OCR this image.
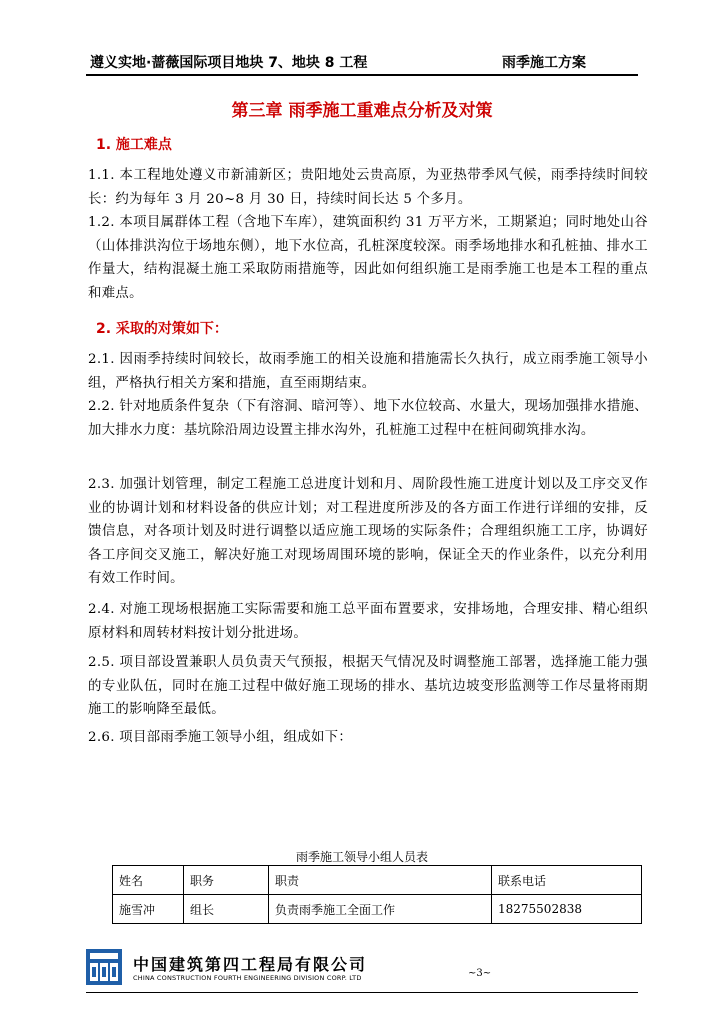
遵义实地·蔷薇国际项目地块 7、地块 8 工程	雨季施工方案
第三章 雨季施工重难点分析及对策
1. 施工难点
1.1. 本工程地处遵义市新浦新区；贵阳地处云贵高原，为亚热带季风气候，雨季持续时间较长：约为每年 3 月 20~8 月 30 日，持续时间长达 5 个多月。
1.2. 本项目属群体工程（含地下车库），建筑面积约 31 万平方米，工期紧迫；同时地处山谷（山体排洪沟位于场地东侧），地下水位高，孔桩深度较深。雨季场地排水和孔桩抽、排水工作量大，结构混凝土施工采取防雨措施等，因此如何组织施工是雨季施工也是本工程的重点和难点。
2. 采取的对策如下：
2.1. 因雨季持续时间较长，故雨季施工的相关设施和措施需长久执行，成立雨季施工领导小组，严格执行相关方案和措施，直至雨期结束。
2.2. 针对地质条件复杂（下有溶洞、暗河等）、地下水位较高、水量大，现场加强排水措施、加大排水力度：基坑除沿周边设置主排水沟外，孔桩施工过程中在桩间砌筑排水沟。
2.3. 加强计划管理，制定工程施工总进度计划和月、周阶段性施工进度计划以及工序交叉作业的协调计划和材料设备的供应计划；对工程进度所涉及的各方面工作进行详细的安排，反馈信息，对各项计划及时进行调整以适应施工现场的实际条件；合理组织施工工序，协调好各工序间交叉施工，解决好施工对现场周围环境的影响，保证全天的作业条件，以充分利用有效工作时间。
2.4. 对施工现场根据施工实际需要和施工总平面布置要求，安排场地，合理安排、精心组织原材料和周转材料按计划分批进场。
2.5. 项目部设置兼职人员负责天气预报，根据天气情况及时调整施工部署，选择施工能力强的专业队伍，同时在施工过程中做好施工现场的排水、基坑边坡变形监测等工作尽量将雨期施工的影响降至最低。
2.6. 项目部雨季施工领导小组，组成如下：
雨季施工领导小组人员表
姓名	职务	职责	联系电话
施雪冲	组长	负责雨季施工全面工作	18275502838
中国建筑第四工程局有限公司
CHINA CONSTRUCTION FOURTH ENGINEERING DIVISION CORP. LTD	~3~
